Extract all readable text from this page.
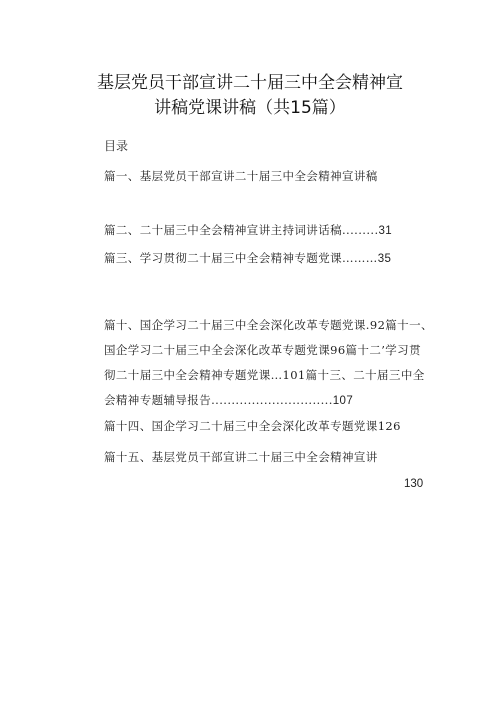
基层党员干部宣讲二十届三中全会精神宣
讲稿党课讲稿（共15篇）
目录
篇一、基层党员干部宣讲二十届三中全会精神宣讲稿
篇二、二十届三中全会精神宣讲主持词讲话稿.........31
篇三、学习贯彻二十届三中全会精神专题党课………35
篇十、国企学习二十届三中全会深化改革专题党课.92篇十一、
国企学习二十届三中全会深化改革专题党课96篇十二’学习贯
彻二十届三中全会精神专题党课…101篇十三、二十届三中全
会精神专题辅导报告..............................107
篇十四、国企学习二十届三中全会深化改革专题党课126
篇十五、基层党员干部宣讲二十届三中全会精神宣讲
130
